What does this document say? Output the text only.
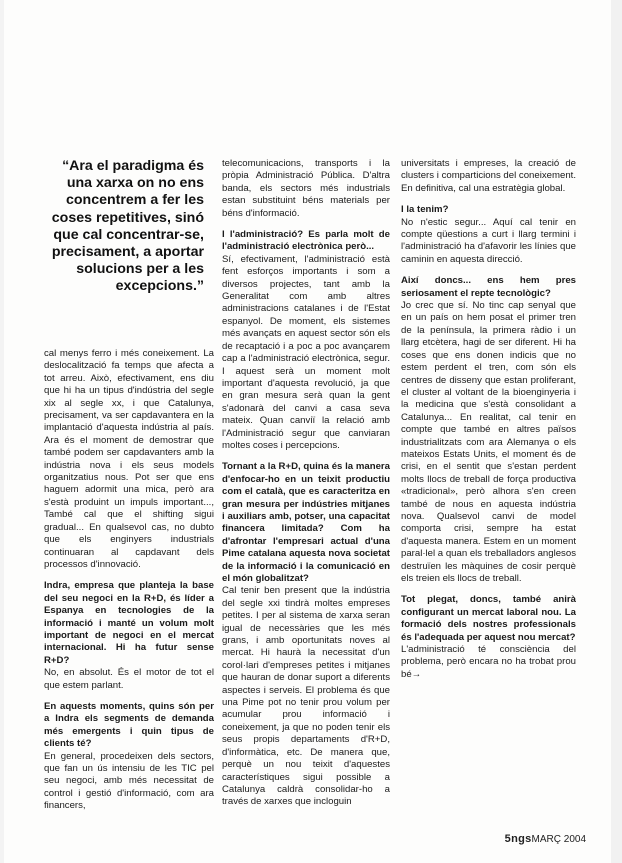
“Ara el paradigma és una xarxa on no ens concentrem a fer les coses repetitives, sinó que cal concentrar-se, precisament, a aportar solucions per a les excepcions.”

cal menys ferro i més coneixement. La deslocalització fa temps que afecta a tot arreu. Això, efectivament, ens diu que hi ha un tipus d'indústria del segle xix al segle xx, i que Catalunya, precisament, va ser capdavantera en la implantació d'aquesta indústria al país. Ara és el moment de demostrar que també podem ser capdavanters amb la indústria nova i els seus models organitzatius nous. Pot ser que ens haguem adormit una mica, però ara s'està produint un impuls important..., També cal que el shifting sigui gradual... En qualsevol cas, no dubto que els enginyers industrials continuaran al capdavant dels processos d'innovació.

Indra, empresa que planteja la base del seu negoci en la R+D, és líder a Espanya en tecnologies de la informació i manté un volum molt important de negoci en el mercat internacional. Hi ha futur sense R+D?

No, en absolut. És el motor de tot el que estem parlant.

En aquests moments, quins són per a Indra els segments de demanda més emergents i quin tipus de clients té?

En general, procedeixen dels sectors, que fan un ús intensiu de les TIC pel seu negoci, amb més necessitat de control i gestió d'informació, com ara financers,

telecomunicacions, transports i la pròpia Administració Pública. D'altra banda, els sectors més industrials estan substituint béns materials per béns d'informació.

I l'administració? Es parla molt de l'administració electrònica però...

Sí, efectivament, l'administració està fent esforços importants i som a diversos projectes, tant amb la Generalitat com amb altres administracions catalanes i de l'Estat espanyol. De moment, els sistemes més avançats en aquest sector són els de recaptació i a poc a poc avançarem cap a l'administració electrònica, segur. I aquest serà un moment molt important d'aquesta revolució, ja que en gran mesura serà quan la gent s'adonarà del canvi a casa seva mateix. Quan canviï la relació amb l'Administració segur que canviaran moltes coses i percepcions.

Tornant a la R+D, quina és la manera d'enfocar-ho en un teixit productiu com el català, que es caracteritza en gran mesura per indústries mitjanes i auxiliars amb, potser, una capacitat financera limitada? Com ha d'afrontar l'empresari actual d'una Pime catalana aquesta nova societat de la informació i la comunicació en el món globalitzat?

Cal tenir ben present que la indústria del segle xxi tindrà moltes empreses petites. I per al sistema de xarxa seran igual de necessàries que les més grans, i amb oportunitats noves al mercat. Hi haurà la necessitat d'un corol·lari d'empreses petites i mitjanes que hauran de donar suport a diferents aspectes i serveis. El problema és que una Pime pot no tenir prou volum per acumular prou informació i coneixement, ja que no poden tenir els seus propis departaments d'R+D, d'informàtica, etc. De manera que, perquè un nou teixit d'aquestes característiques sigui possible a Catalunya caldrà consolidar-ho a través de xarxes que incloguin

universitats i empreses, la creació de clusters i comparticions del coneixement. En definitiva, cal una estratègia global.

I la tenim?

No n'estic segur... Aquí cal tenir en compte qüestions a curt i llarg termini i l'administració ha d'afavorir les línies que caminin en aquesta direcció.

Així doncs... ens hem pres seriosament el repte tecnològic?

Jo crec que sí. No tinc cap senyal que en un país on hem posat el primer tren de la península, la primera ràdio i un llarg etcètera, hagi de ser diferent. Hi ha coses que ens donen indicis que no estem perdent el tren, com són els centres de disseny que estan proliferant, el cluster al voltant de la bioenginyeria i la medicina que s'està consolidant a Catalunya... En realitat, cal tenir en compte que també en altres països industrialitzats com ara Alemanya o els mateixos Estats Units, el moment és de crisi, en el sentit que s'estan perdent molts llocs de treball de força productiva «tradicional», però alhora s'en creen també de nous en aquesta indústria nova. Qualsevol canvi de model comporta crisi, sempre ha estat d'aquesta manera. Estem en un moment paral·lel a quan els treballadors anglesos destruïen les màquines de cosir perquè els treien els llocs de treball.

Tot plegat, doncs, també anirà configurant un mercat laboral nou. La formació dels nostres professionals és l'adequada per aquest nou mercat?

L'administració té consciència del problema, però encara no ha trobat prou bé→

5ngsMARÇ 2004
